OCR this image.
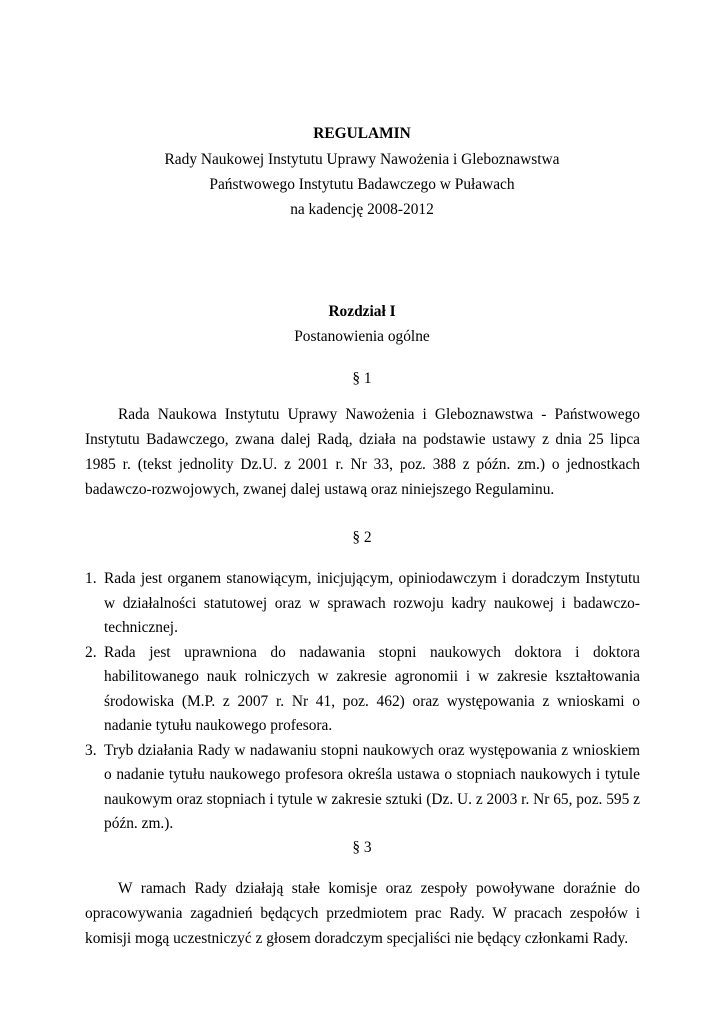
REGULAMIN
Rady Naukowej Instytutu Uprawy Nawożenia i Gleboznawstwa
Państwowego Instytutu Badawczego w Puławach
na kadencję 2008-2012
Rozdział I
Postanowienia ogólne
§ 1
Rada Naukowa Instytutu Uprawy Nawożenia i Gleboznawstwa - Państwowego Instytutu Badawczego, zwana dalej Radą, działa na podstawie ustawy z dnia 25 lipca 1985 r. (tekst jednolity Dz.U. z 2001 r. Nr 33, poz. 388 z późn. zm.) o jednostkach badawczo-rozwojowych, zwanej dalej ustawą oraz niniejszego Regulaminu.
§ 2
1. Rada jest organem stanowiącym, inicjującym, opiniodawczym i doradczym Instytutu w działalności statutowej oraz w sprawach rozwoju kadry naukowej i badawczo-technicznej.
2. Rada jest uprawniona do nadawania stopni naukowych doktora i doktora habilitowanego nauk rolniczych w zakresie agronomii i w zakresie kształtowania środowiska (M.P. z 2007 r. Nr 41, poz. 462) oraz występowania z wnioskami o nadanie tytułu naukowego profesora.
3. Tryb działania Rady w nadawaniu stopni naukowych oraz występowania z wnioskiem o nadanie tytułu naukowego profesora określa ustawa o stopniach naukowych i tytule naukowym oraz stopniach i tytule w zakresie sztuki (Dz. U. z 2003 r. Nr 65, poz. 595 z późn. zm.).
§ 3
W ramach Rady działają stałe komisje oraz zespoły powoływane doraźnie do opracowywania zagadnień będących przedmiotem prac Rady. W pracach zespołów i komisji mogą uczestniczyć z głosem doradczym specjaliści nie będący członkami Rady.
